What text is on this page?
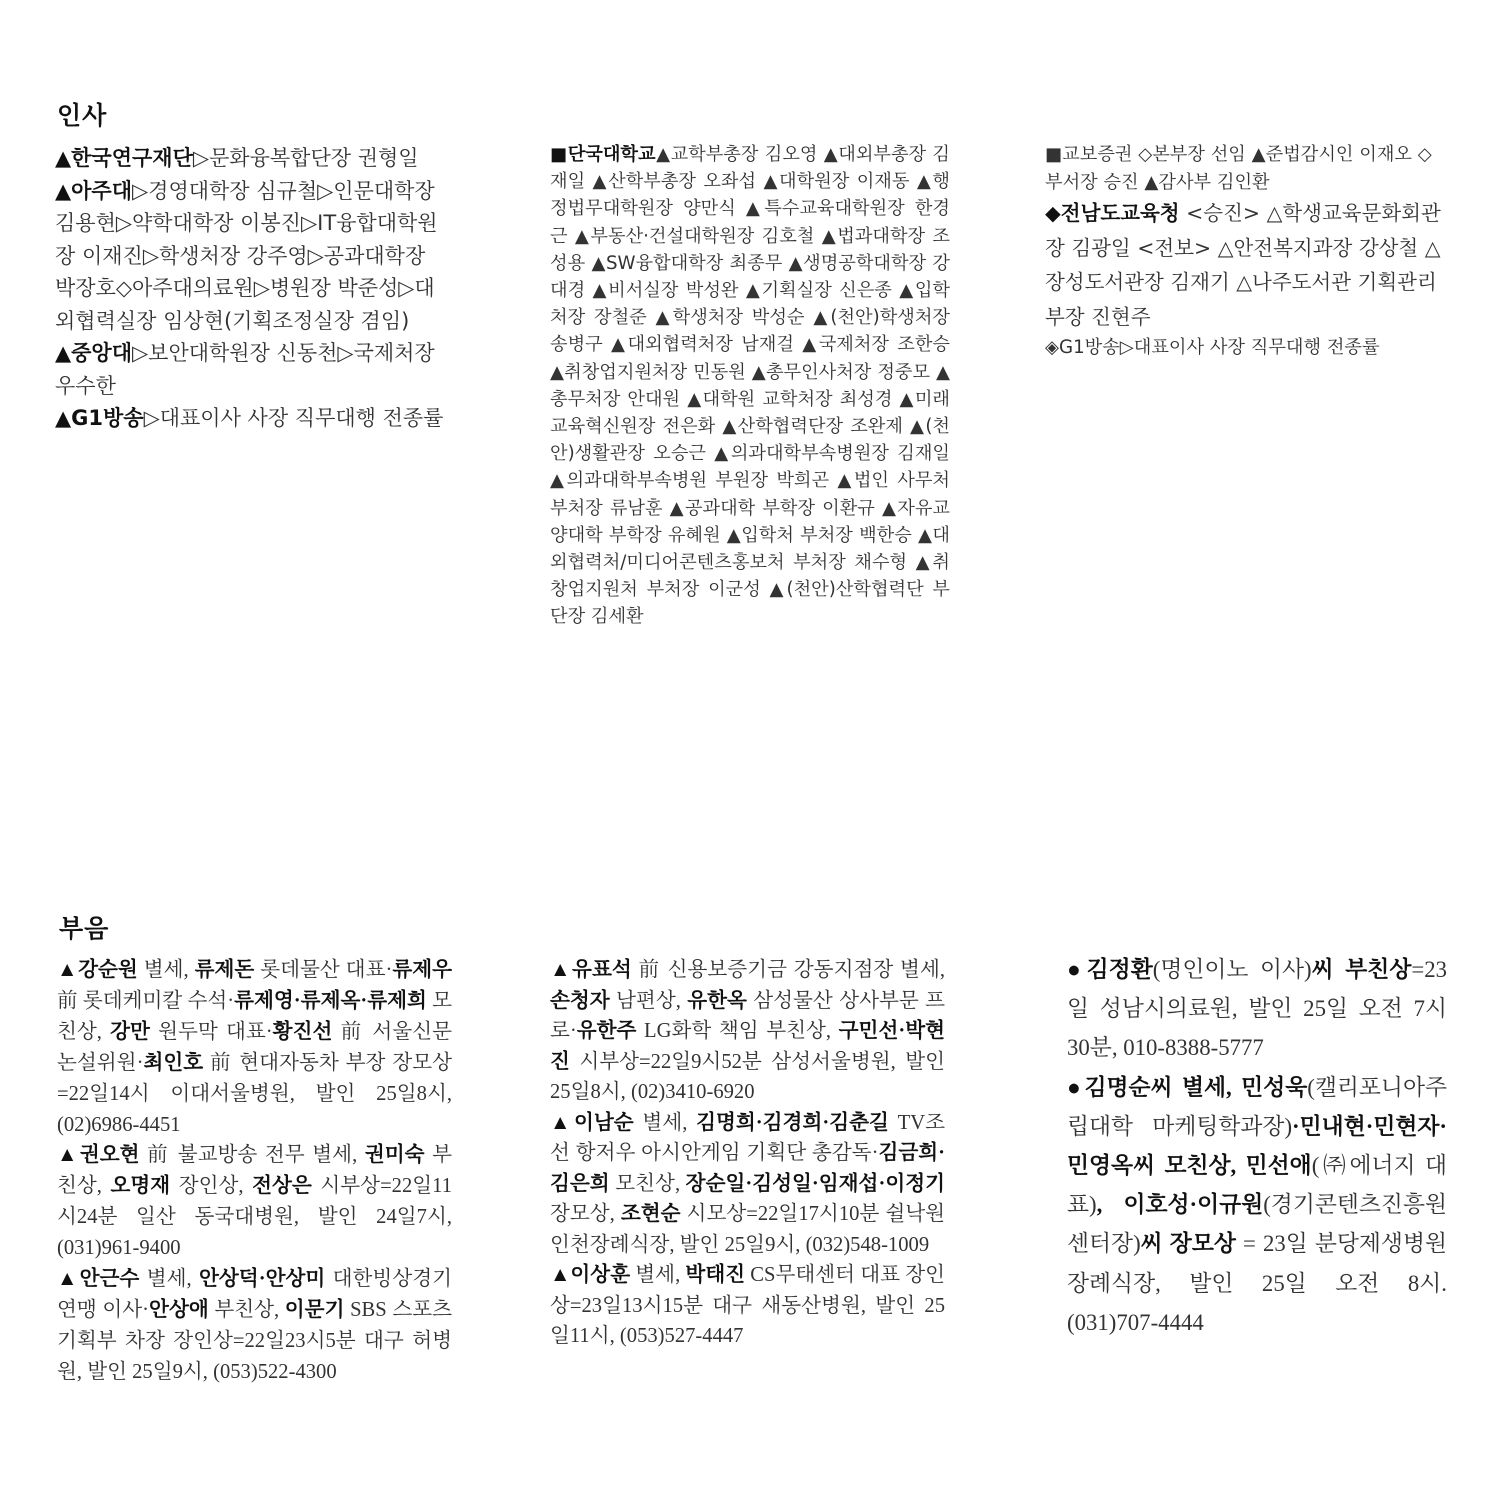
인사

▲한국연구재단▷문화융복합단장 권형일

▲아주대▷경영대학장 심규철▷인문대학장 김용현▷약학대학장 이봉진▷IT융합대학원장 이재진▷학생처장 강주영▷공과대학장 박장호◇아주대의료원▷병원장 박준성▷대외협력실장 임상현(기획조정실장 겸임)

▲중앙대▷보안대학원장 신동천▷국제처장 우수한

▲G1방송▷대표이사 사장 직무대행 전종률

■단국대학교▲교학부총장 김오영 ▲대외부총장 김재일 ▲산학부총장 오좌섭 ▲대학원장 이재동 ▲행정법무대학원장 양만식 ▲특수교육대학원장 한경근 ▲부동산·건설대학원장 김호철 ▲법과대학장 조성용 ▲SW융합대학장 최종무 ▲생명공학대학장 강대경 ▲비서실장 박성완 ▲기획실장 신은종 ▲입학처장 장철준 ▲학생처장 박성순 ▲(천안)학생처장 송병구 ▲대외협력처장 남재걸 ▲국제처장 조한승 ▲취창업지원처장 민동원 ▲총무인사처장 정중모 ▲총무처장 안대원 ▲대학원 교학처장 최성경 ▲미래교육혁신원장 전은화 ▲산학협력단장 조완제 ▲(천안)생활관장 오승근 ▲의과대학부속병원장 김재일 ▲의과대학부속병원 부원장 박희곤 ▲법인 사무처 부처장 류남훈 ▲공과대학 부학장 이환규 ▲자유교양대학 부학장 유혜원 ▲입학처 부처장 백한승 ▲대외협력처/미디어콘텐츠홍보처 부처장 채수형 ▲취창업지원처 부처장 이군성 ▲(천안)산학협력단 부단장 김세환

■교보증권 ◇본부장 선임 ▲준법감시인 이재오 ◇부서장 승진 ▲감사부 김인환

◆전남도교육청 <승진> △학생교육문화회관장 김광일 <전보> △안전복지과장 강상철 △장성도서관장 김재기 △나주도서관 기획관리부장 진현주

◈G1방송▷대표이사 사장 직무대행 전종률

부음

▲강순원 별세, 류제돈 롯데물산 대표·류제우 前 롯데케미칼 수석·류제영·류제옥·류제희 모친상, 강만 원두막 대표·황진선 前 서울신문 논설위원·최인호 前 현대자동차 부장 장모상=22일14시 이대서울병원, 발인 25일8시, (02)6986-4451

▲권오현 前 불교방송 전무 별세, 권미숙 부친상, 오명재 장인상, 전상은 시부상=22일11시24분 일산 동국대병원, 발인 24일7시, (031)961-9400

▲안근수 별세, 안상덕·안상미 대한빙상경기연맹 이사·안상애 부친상, 이문기 SBS 스포츠기획부 차장 장인상=22일23시5분 대구 허병원, 발인 25일9시, (053)522-4300

▲유표석 前 신용보증기금 강동지점장 별세, 손청자 남편상, 유한옥 삼성물산 상사부문 프로·유한주 LG화학 책임 부친상, 구민선·박현진 시부상=22일9시52분 삼성서울병원, 발인 25일8시, (02)3410-6920

▲이남순 별세, 김명희·김경희·김춘길 TV조선 항저우 아시안게임 기획단 총감독·김금희·김은희 모친상, 장순일·김성일·임재섭·이정기 장모상, 조현순 시모상=22일17시10분 쉴낙원 인천장례식장, 발인 25일9시, (032)548-1009

▲이상훈 별세, 박태진 CS무태센터 대표 장인상=23일13시15분 대구 새동산병원, 발인 25일11시, (053)527-4447

●김정환(명인이노 이사)씨 부친상=23일 성남시의료원, 발인 25일 오전 7시 30분, 010-8388-5777

●김명순씨 별세, 민성욱(캘리포니아주립대학 마케팅학과장)·민내현·민현자·민영옥씨 모친상, 민선애(㈜에너지 대표), 이호성·이규원(경기콘텐츠진흥원 센터장)씨 장모상 = 23일 분당제생병원 장례식장, 발인 25일 오전 8시. (031)707-4444
